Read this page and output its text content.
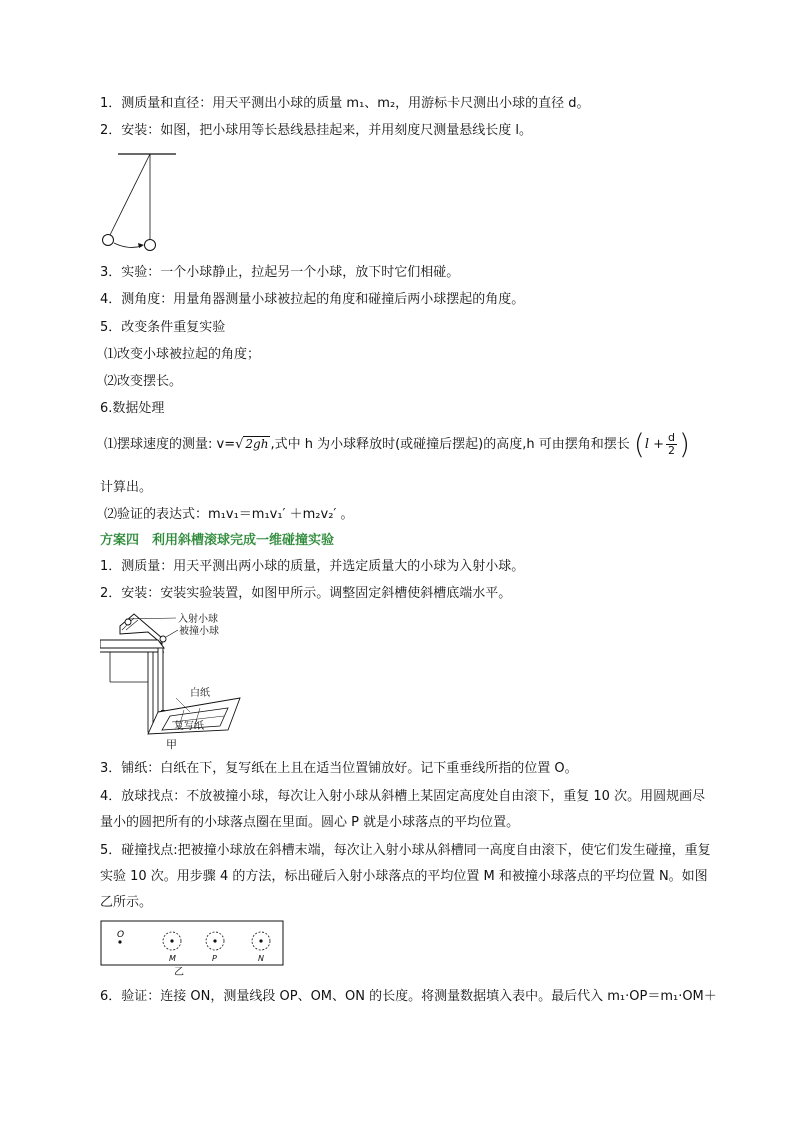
1．测质量和直径：用天平测出小球的质量 m₁、m₂，用游标卡尺测出小球的直径 d。
2．安装：如图，把小球用等长悬线悬挂起来，并用刻度尺测量悬线长度 l。
3．实验：一个小球静止，拉起另一个小球，放下时它们相碰。
4．测角度：用量角器测量小球被拉起的角度和碰撞后两小球摆起的角度。
5．改变条件重复实验
⑴改变小球被拉起的角度；
⑵改变摆长。
6.数据处理
⑴摆球速度的测量: v=√ 2gh ,式中 h 为小球释放时(或碰撞后摆起)的高度,h 可由摆角和摆长 ($l + \frac{d}{2}$ )
计算出。
⑵验证的表达式：m₁v₁＝m₁v₁′ ＋m₂v₂′ 。
方案四　利用斜槽滚球完成一维碰撞实验
1．测质量：用天平测出两小球的质量，并选定质量大的小球为入射小球。
2．安装：安装实验装置，如图甲所示。调整固定斜槽使斜槽底端水平。
入射小球
被撞小球
白纸
复写纸
甲
3．铺纸：白纸在下，复写纸在上且在适当位置铺放好。记下重垂线所指的位置 O。
4．放球找点：不放被撞小球，每次让入射小球从斜槽上某固定高度处自由滚下，重复 10 次。用圆规画尽量小的圆把所有的小球落点圈在里面。圆心 P 就是小球落点的平均位置。
5．碰撞找点:把被撞小球放在斜槽末端，每次让入射小球从斜槽同一高度自由滚下，使它们发生碰撞，重复实验 10 次。用步骤 4 的方法，标出碰后入射小球落点的平均位置 M 和被撞小球落点的平均位置 N。如图乙所示。
O
M	P	N
乙
6．验证：连接 ON，测量线段 OP、OM、ON 的长度。将测量数据填入表中。最后代入 m₁·OP＝m₁·OM＋
